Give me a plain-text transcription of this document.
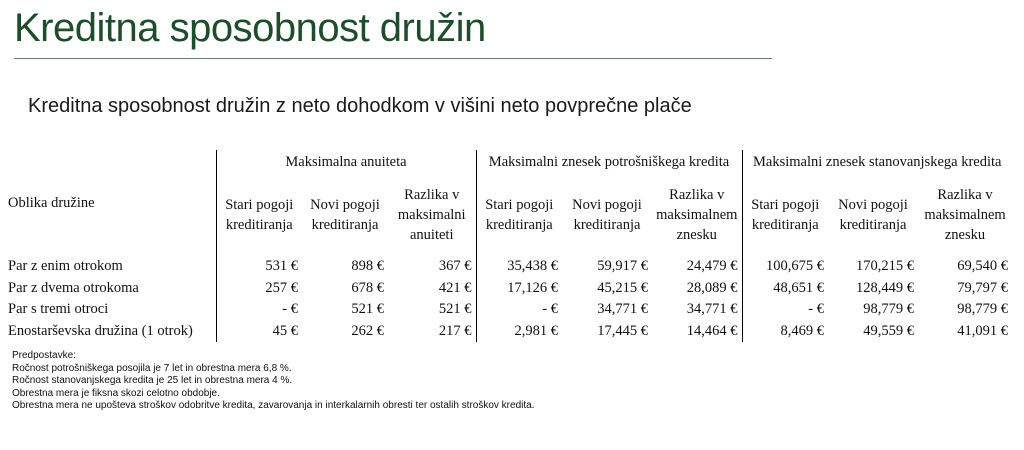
Kreditna sposobnost družin
Kreditna sposobnost družin z neto dohodkom v višini neto povprečne plače
Oblika družine	Maksimalna anuiteta			Maksimalni znesek potrošniškega kredita			Maksimalni znesek stanovanjskega kredita		
	Stari pogoji kreditiranja	Novi pogoji kreditiranja	Razlika v maksimalni anuiteti	Stari pogoji kreditiranja	Novi pogoji kreditiranja	Razlika v maksimalnem znesku	Stari pogoji kreditiranja	Novi pogoji kreditiranja	Razlika v maksimalnem znesku
Par z enim otrokom	531 €	898 €	367 €	35,438 €	59,917 €	24,479 €	100,675 €	170,215 €	69,540 €
Par z dvema otrokoma	257 €	678 €	421 €	17,126 €	45,215 €	28,089 €	48,651 €	128,449 €	79,797 €
Par s tremi otroci	- €	521 €	521 €	- €	34,771 €	34,771 €	- €	98,779 €	98,779 €
Enostarševska družina (1 otrok)	45 €	262 €	217 €	2,981 €	17,445 €	14,464 €	8,469 €	49,559 €	41,091 €
Predpostavke:
Ročnost potrošniškega posojila je 7 let in obrestna mera 6,8 %.
Ročnost stanovanjskega kredita je 25 let in obrestna mera 4 %.
Obrestna mera je fiksna skozi celotno obdobje.
Obrestna mera ne upošteva stroškov odobritve kredita, zavarovanja in interkalarnih obresti ter ostalih stroškov kredita.
